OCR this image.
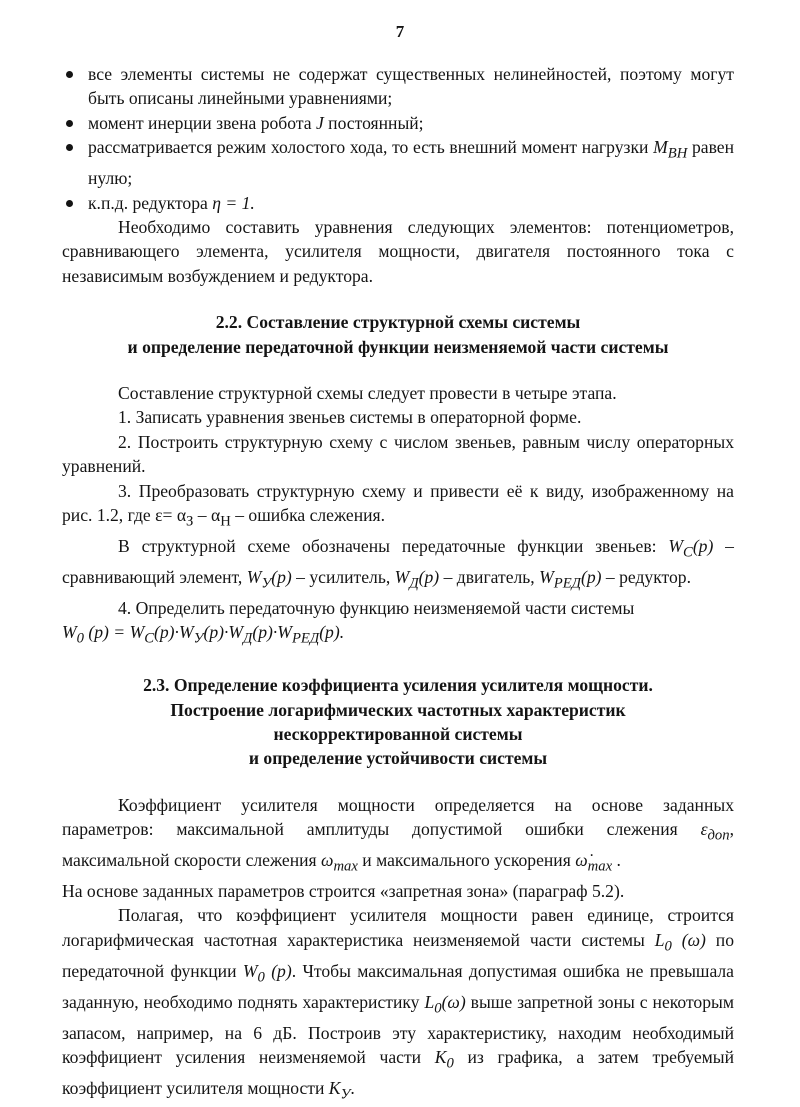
7
все элементы системы не содержат существенных нелинейностей, поэтому могут быть описаны линейными уравнениями;
момент инерции звена робота J постоянный;
рассматривается режим холостого хода, то есть внешний момент нагрузки $M_{ВН}$ равен нулю;
к.п.д. редуктора η = 1.

Необходимо составить уравнения следующих элементов: потенциометров, сравнивающего элемента, усилителя мощности, двигателя постоянного тока с независимым возбуждением и редуктора.

2.2. Составление структурной схемы системы

и определение передаточной функции неизменяемой части системы

Составление структурной схемы следует провести в четыре этапа.

1. Записать уравнения звеньев системы в операторной форме.

2. Построить структурную схему с числом звеньев, равным числу операторных уравнений.

3. Преобразовать структурную схему и привести её к виду, изображенному на рис. 1.2, где $\varepsilon= \alpha_З - \alpha_Н$ – ошибка слежения.

В структурной схеме обозначены передаточные функции звеньев: $W_С(p)$ – сравнивающий элемент, $W_У(p)$ – усилитель, $W_Д(p)$ – двигатель, $W_{РЕД}(p)$ – редуктор.

4. Определить передаточную функцию неизменяемой части системы

$W_0$ $(p) = W_С(p)\cdot W_У(p)\cdot W_Д(p)\cdot W_{РЕД}(p)$.

2.3. Определение коэффициента усиления усилителя мощности.

Построение логарифмических частотных характеристик

нескорректированной системы

и определение устойчивости системы

Коэффициент усилителя мощности определяется на основе заданных параметров: максимальной амплитуды допустимой ошибки слежения $\varepsilon_{доп}$, максимальной скорости слежения $\omega_{max}$ и максимального ускорения $\omegȧ_{max}$ .
На основе заданных параметров строится «запретная зона» (параграф 5.2).

Полагая, что коэффициент усилителя мощности равен единице, строится логарифмическая частотная характеристика неизменяемой части системы $L_0$ (ω) по передаточной функции $W_0$ (p). Чтобы максимальная допустимая ошибка не превышала заданную, необходимо поднять характеристику $L_0(\omega)$ выше запретной зоны с некоторым запасом, например, на 6 дБ. Построив эту характеристику, находим необходимый коэффициент усиления неизменяемой части $K_0$ из графика, а затем требуемый коэффициент усилителя мощности $K_У$.
